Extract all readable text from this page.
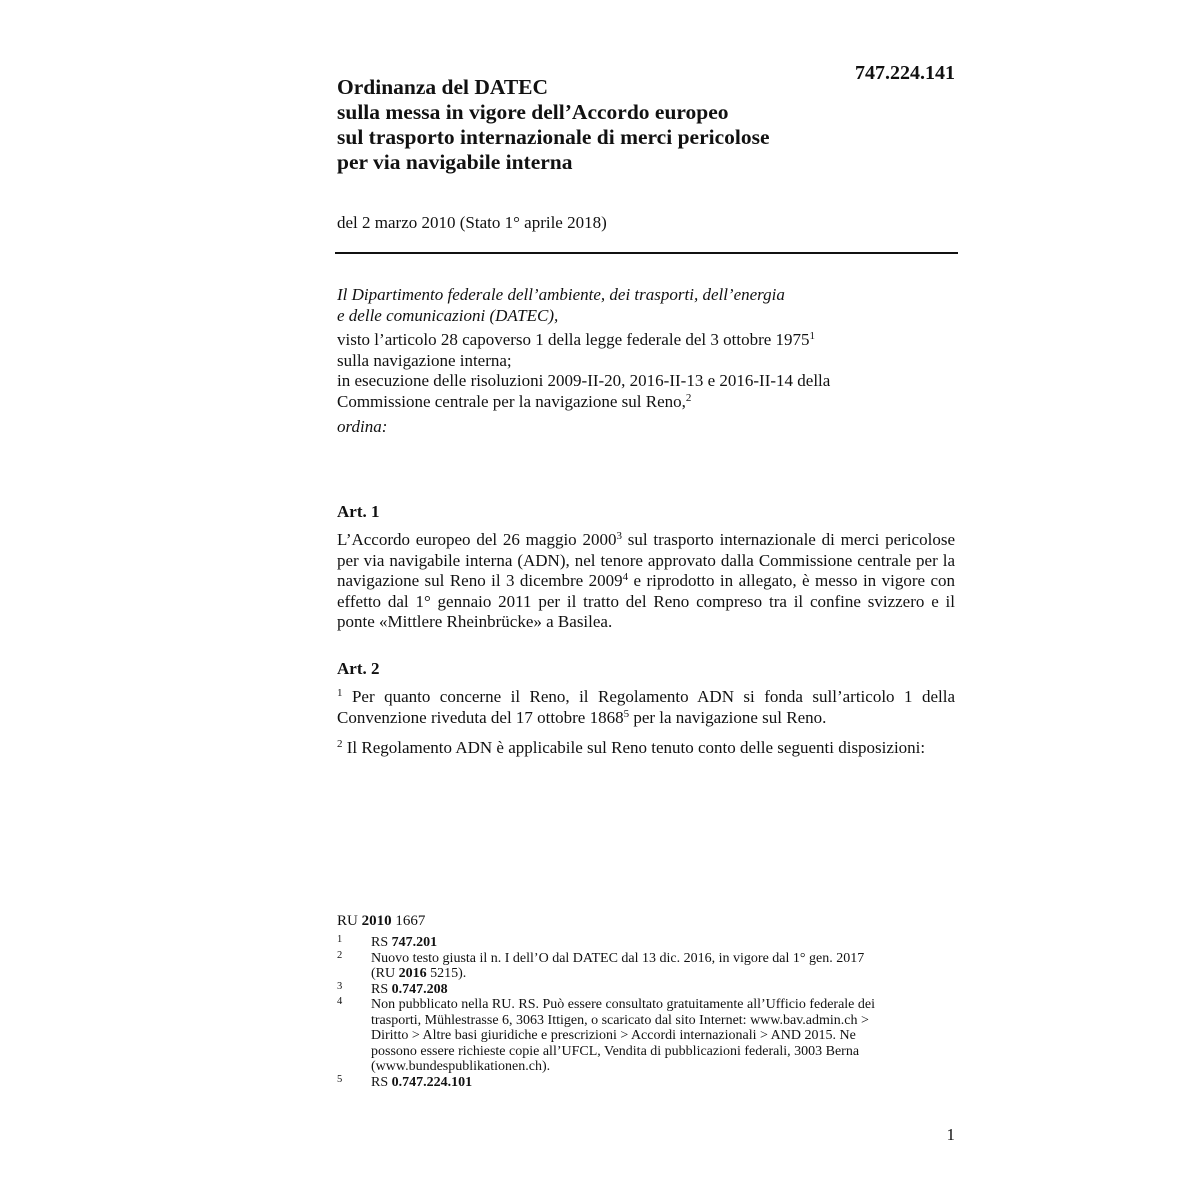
747.224.141
Ordinanza del DATEC
sulla messa in vigore dell’Accordo europeo
sul trasporto internazionale di merci pericolose
per via navigabile interna
del 2 marzo 2010 (Stato 1° aprile 2018)
Il Dipartimento federale dell’ambiente, dei trasporti, dell’energia
e delle comunicazioni (DATEC),
visto l’articolo 28 capoverso 1 della legge federale del 3 ottobre 1975$^1$
sulla navigazione interna;
in esecuzione delle risoluzioni 2009-II-20, 2016-II-13 e 2016-II-14 della
Commissione centrale per la navigazione sul Reno,$^2$
ordina:
Art. 1
L’Accordo europeo del 26 maggio 2000$^3$ sul trasporto internazionale di merci pericolose per via navigabile interna (ADN), nel tenore approvato dalla Commissione centrale per la navigazione sul Reno il 3 dicembre 2009$^4$ e riprodotto in allegato, è messo in vigore con effetto dal 1° gennaio 2011 per il tratto del Reno compreso tra il confine svizzero e il ponte «Mittlere Rheinbrücke» a Basilea.
Art. 2
$^1$ Per quanto concerne il Reno, il Regolamento ADN si fonda sull’articolo 1 della Convenzione riveduta del 17 ottobre 1868$^5$ per la navigazione sul Reno.
$^2$ Il Regolamento ADN è applicabile sul Reno tenuto conto delle seguenti disposizioni:
RU 2010 1667
1 RS 747.201
2 Nuovo testo giusta il n. I dell’O dal DATEC dal 13 dic. 2016, in vigore dal 1° gen. 2017
(RU 2016 5215).
3 RS 0.747.208
4 Non pubblicato nella RU. RS. Può essere consultato gratuitamente all’Ufficio federale dei
trasporti, Mühlestrasse 6, 3063 Ittigen, o scaricato dal sito Internet: www.bav.admin.ch >
Diritto > Altre basi giuridiche e prescrizioni > Accordi internazionali > AND 2015. Ne
possono essere richieste copie all’UFCL, Vendita di pubblicazioni federali, 3003 Berna
(www.bundespublikationen.ch).
5 RS 0.747.224.101
1
